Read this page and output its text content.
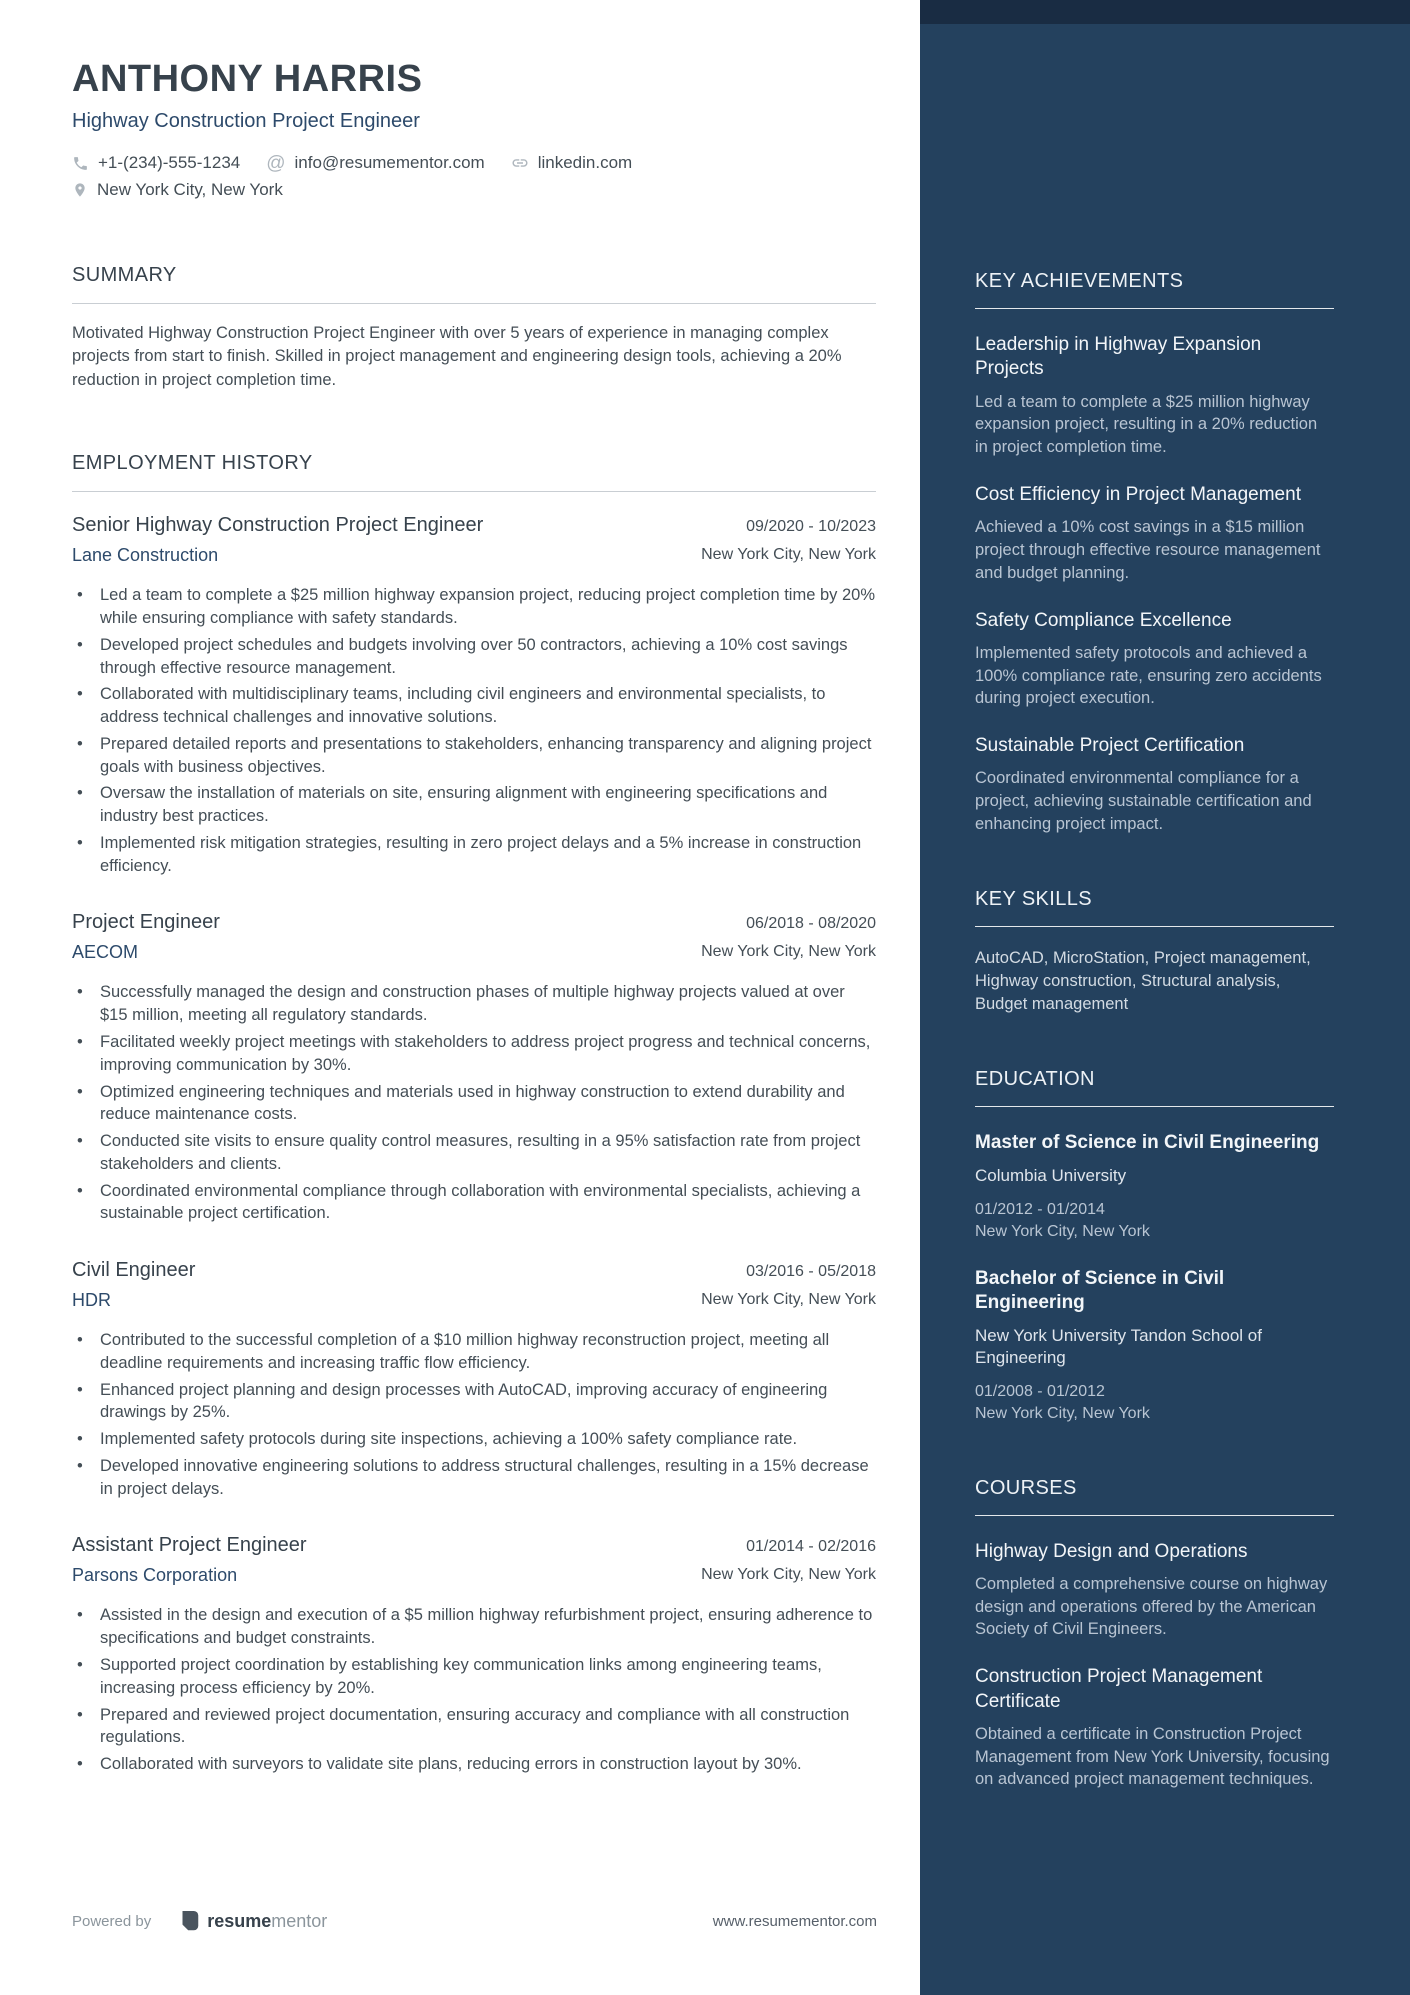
ANTHONY HARRIS
Highway Construction Project Engineer
+1-(234)-555-1234 @ info@resumementor.com	linkedin.com
New York City, New York
SUMMARY

Motivated Highway Construction Project Engineer with over 5 years of experience in managing complex projects from start to finish. Skilled in project management and engineering design tools, achieving a 20% reduction in project completion time.

EMPLOYMENT HISTORY
Senior Highway Construction Project Engineer	09/2020 - 10/2023
Lane Construction	New York City, New York
• Led a team to complete a $25 million highway expansion project, reducing project completion time by 20% while ensuring compliance with safety standards.
• Developed project schedules and budgets involving over 50 contractors, achieving a 10% cost savings through effective resource management.
• Collaborated with multidisciplinary teams, including civil engineers and environmental specialists, to address technical challenges and innovative solutions.
• Prepared detailed reports and presentations to stakeholders, enhancing transparency and aligning project goals with business objectives.
• Oversaw the installation of materials on site, ensuring alignment with engineering specifications and industry best practices.
• Implemented risk mitigation strategies, resulting in zero project delays and a 5% increase in construction efficiency.
Project Engineer	06/2018 - 08/2020
AECOM	New York City, New York
• Successfully managed the design and construction phases of multiple highway projects valued at over $15 million, meeting all regulatory standards.
• Facilitated weekly project meetings with stakeholders to address project progress and technical concerns, improving communication by 30%.
• Optimized engineering techniques and materials used in highway construction to extend durability and reduce maintenance costs.
• Conducted site visits to ensure quality control measures, resulting in a 95% satisfaction rate from project stakeholders and clients.
• Coordinated environmental compliance through collaboration with environmental specialists, achieving a sustainable project certification.
Civil Engineer	03/2016 - 05/2018
HDR	New York City, New York
• Contributed to the successful completion of a $10 million highway reconstruction project, meeting all deadline requirements and increasing traffic flow efficiency.
• Enhanced project planning and design processes with AutoCAD, improving accuracy of engineering drawings by 25%.
• Implemented safety protocols during site inspections, achieving a 100% safety compliance rate.
• Developed innovative engineering solutions to address structural challenges, resulting in a 15% decrease in project delays.
Assistant Project Engineer	01/2014 - 02/2016
Parsons Corporation	New York City, New York
• Assisted in the design and execution of a $5 million highway refurbishment project, ensuring adherence to specifications and budget constraints.
• Supported project coordination by establishing key communication links among engineering teams, increasing process efficiency by 20%.
• Prepared and reviewed project documentation, ensuring accuracy and compliance with all construction regulations.
• Collaborated with surveyors to validate site plans, reducing errors in construction layout by 30%.
KEY ACHIEVEMENTS
Leadership in Highway Expansion Projects

Led a team to complete a $25 million highway expansion project, resulting in a 20% reduction in project completion time.

Cost Efficiency in Project Management

Achieved a 10% cost savings in a $15 million project through effective resource management and budget planning.

Safety Compliance Excellence

Implemented safety protocols and achieved a 100% compliance rate, ensuring zero accidents during project execution.

Sustainable Project Certification

Coordinated environmental compliance for a project, achieving sustainable certification and enhancing project impact.

KEY SKILLS

AutoCAD, MicroStation, Project management, Highway construction, Structural analysis, Budget management

EDUCATION
Master of Science in Civil Engineering

Columbia University

01/2012 - 01/2014
New York City, New York

Bachelor of Science in Civil Engineering

New York University Tandon School of Engineering

01/2008 - 01/2012
New York City, New York

COURSES
Highway Design and Operations

Completed a comprehensive course on highway design and operations offered by the American Society of Civil Engineers.

Construction Project Management Certificate

Obtained a certificate in Construction Project Management from New York University, focusing on advanced project management techniques.

Powered by	resumementor	www.resumementor.com
